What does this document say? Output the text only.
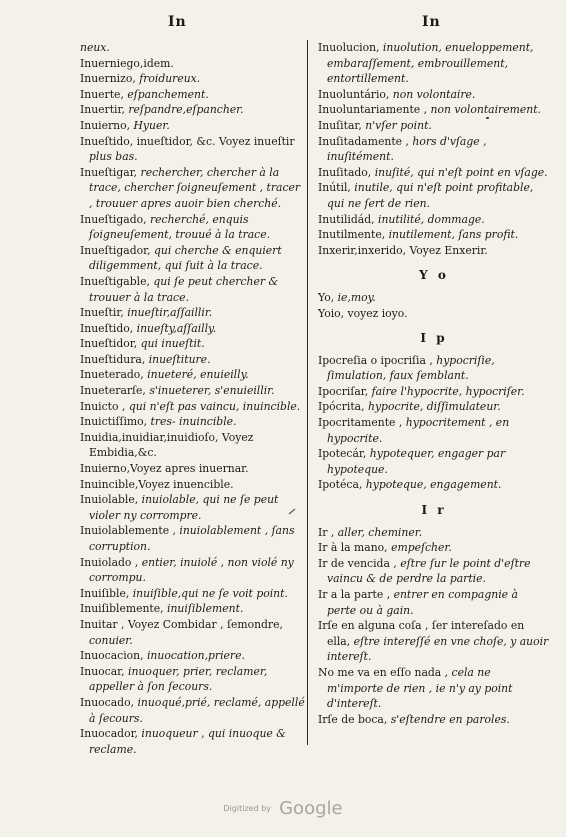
In	In

neux.

Inuerniego,idem.

Inuernizo, froidureux.

Inuerte, eſpanchement.

Inuertir, reſpandre,eſpancher.

Inuierno, Hyuer.

Inueſtido, inueſtidor, &c. Voyez inueſtir plus bas.

Inueſtigar, rechercher, chercher à la trace, chercher ſoigneuſement , tracer , trouuer apres auoir bien cherché.

Inueſtigado, recherché, enquis ſoigneuſement, trouué à la trace.

Inueſtigador, qui cherche & enquiert diligemment, qui ſuit à la trace.

Inueſtigable, qui ſe peut chercher & trouuer à la trace.

Inueſtir, inueſtir,aſſaillir.

Inueſtido, inueſty,aſſailly.

Inueſtidor, qui inueſtit.

Inueſtidura, inueſtiture.

Inueterado, inueteré, enuieilly.

Inueterarſe, s'inueterer, s'enuieillir.

Inuicto , qui n'eſt pas vaincu, inuincible.

Inuictiſſimo, tres- inuincible.

Inuidia,inuidiar,inuidioſo, Voyez Embidia,&c.

Inuierno,Voyez apres inuernar.

Inuincible,Voyez inuencible.

Inuiolable, inuiolable, qui ne ſe peut violer ny corrompre.

Inuiolablemente , inuiolablement , ſans corruption.

Inuiolado , entier, inuiolé , non violé ny corrompu.

Inuiſible, inuiſible,qui ne ſe voit point.

Inuiſiblemente, inuiſiblement.

Inuitar , Voyez Combidar , ſemondre, conuier.

Inuocacion, inuocation,priere.

Inuocar, inuoquer, prier, reclamer, appeller à ſon ſecours.

Inuocado, inuoqué,prié, reclamé, appellé à ſecours.

Inuocador, inuoqueur , qui inuoque & reclame.

Inuolucion, inuolution, enueloppement, embaraſſement, embrouillement, entortillement.

Inuoluntário, non volontaire.

Inuoluntariamente , non volontairement.

Inuſitar, n'vſer point.

Inuſitadamente , hors d'vſage , inuſitément.

Inuſitado, inuſité, qui n'eſt point en vſage.

Inútil, inutile, qui n'eſt point profitable, qui ne ſert de rien.

Inutilidád, inutilité, dommage.

Inutilmente, inutilement, ſans profit.

Inxerir,inxerido, Voyez Enxerir.

Y o

Yo, ie,moy.

Yoio, voyez ioyo.

I p

Ipocreſia o ipocriſia , hypocriſie, ſimulation, faux ſemblant.

Ipocriſar, faire l'hypocrite, hypocriſer.

Ipócrita, hypocrite, diſſimulateur.

Ipocritamente , hypocritement , en hypocrite.

Ipotecár, hypotequer, engager par hypoteque.

Ipotéca, hypoteque, engagement.

I r

Ir , aller, cheminer.

Ir à la mano, empeſcher.

Ir de vencida , eſtre ſur le point d'eſtre vaincu & de perdre la partie.

Ir a la parte , entrer en compagnie à perte ou à gain.

Irſe en alguna coſa , ſer intereſado en ella, eſtre intereſſé en vne choſe, y auoir intereſt.

No me va en eſſo nada , cela ne m'importe de rien , ie n'y ay point d'intereſt.

Irſe de boca, s'eſtendre en paroles.

Digitized by Google
